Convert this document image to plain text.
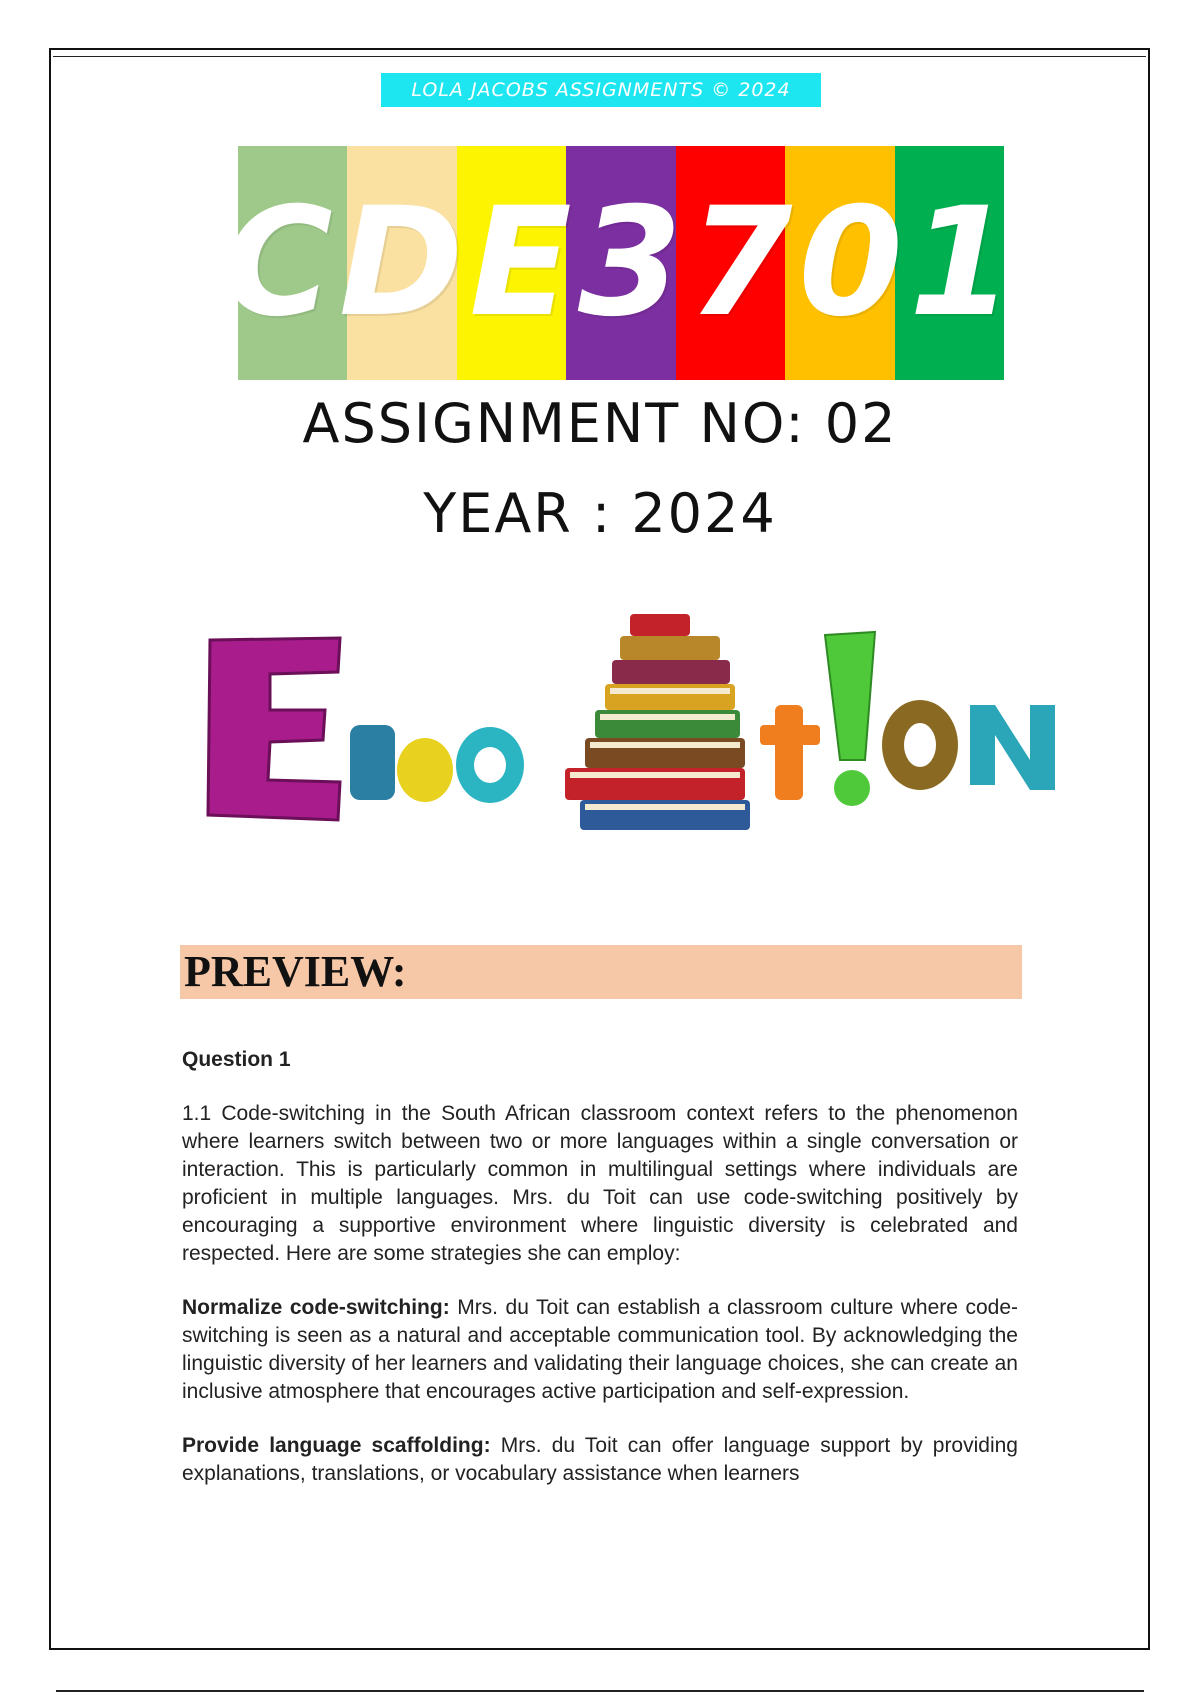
LOLA JACOBS ASSIGNMENTS © 2024
CDE3701
ASSIGNMENT NO: 02
YEAR : 2024
PREVIEW:

Question 1

1.1 Code-switching in the South African classroom context refers to the phenomenon where learners switch between two or more languages within a single conversation or interaction. This is particularly common in multilingual settings where individuals are proficient in multiple languages. Mrs. du Toit can use code-switching positively by encouraging a supportive environment where linguistic diversity is celebrated and respected. Here are some strategies she can employ:

Normalize code-switching: Mrs. du Toit can establish a classroom culture where code-switching is seen as a natural and acceptable communication tool. By acknowledging the linguistic diversity of her learners and validating their language choices, she can create an inclusive atmosphere that encourages active participation and self-expression.

Provide language scaffolding: Mrs. du Toit can offer language support by providing explanations, translations, or vocabulary assistance when learners
